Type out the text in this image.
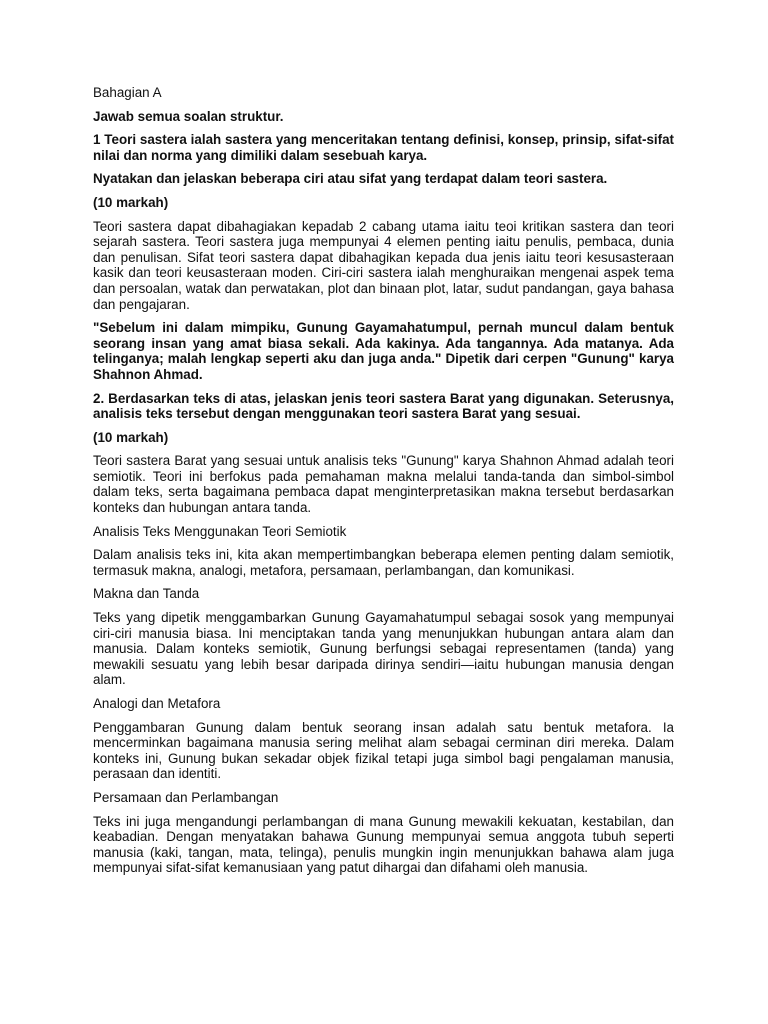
Bahagian A

Jawab semua soalan struktur.

1 Teori sastera ialah sastera yang menceritakan tentang definisi, konsep, prinsip, sifat-sifat nilai dan norma yang dimiliki dalam sesebuah karya.

Nyatakan dan jelaskan beberapa ciri atau sifat yang terdapat dalam teori sastera.

(10 markah)

Teori sastera dapat dibahagiakan kepadab 2 cabang utama iaitu teoi kritikan sastera dan teori sejarah sastera. Teori sastera juga mempunyai 4 elemen penting iaitu penulis, pembaca, dunia dan penulisan. Sifat teori sastera dapat dibahagikan kepada dua jenis iaitu teori kesusasteraan kasik dan teori keusasteraan moden. Ciri-ciri sastera ialah menghuraikan mengenai aspek tema dan persoalan, watak dan perwatakan, plot dan binaan plot, latar, sudut pandangan, gaya bahasa dan pengajaran.

"Sebelum ini dalam mimpiku, Gunung Gayamahatumpul, pernah muncul dalam bentuk seorang insan yang amat biasa sekali. Ada kakinya. Ada tangannya. Ada matanya. Ada telinganya; malah lengkap seperti aku dan juga anda." Dipetik dari cerpen "Gunung" karya Shahnon Ahmad.

2. Berdasarkan teks di atas, jelaskan jenis teori sastera Barat yang digunakan. Seterusnya, analisis teks tersebut dengan menggunakan teori sastera Barat yang sesuai.

(10 markah)

Teori sastera Barat yang sesuai untuk analisis teks "Gunung" karya Shahnon Ahmad adalah teori semiotik. Teori ini berfokus pada pemahaman makna melalui tanda-tanda dan simbol-simbol dalam teks, serta bagaimana pembaca dapat menginterpretasikan makna tersebut berdasarkan konteks dan hubungan antara tanda.

Analisis Teks Menggunakan Teori Semiotik

Dalam analisis teks ini, kita akan mempertimbangkan beberapa elemen penting dalam semiotik, termasuk makna, analogi, metafora, persamaan, perlambangan, dan komunikasi.

Makna dan Tanda

Teks yang dipetik menggambarkan Gunung Gayamahatumpul sebagai sosok yang mempunyai ciri-ciri manusia biasa. Ini menciptakan tanda yang menunjukkan hubungan antara alam dan manusia. Dalam konteks semiotik, Gunung berfungsi sebagai representamen (tanda) yang mewakili sesuatu yang lebih besar daripada dirinya sendiri—iaitu hubungan manusia dengan alam.

Analogi dan Metafora

Penggambaran Gunung dalam bentuk seorang insan adalah satu bentuk metafora. Ia mencerminkan bagaimana manusia sering melihat alam sebagai cerminan diri mereka. Dalam konteks ini, Gunung bukan sekadar objek fizikal tetapi juga simbol bagi pengalaman manusia, perasaan dan identiti.

Persamaan dan Perlambangan

Teks ini juga mengandungi perlambangan di mana Gunung mewakili kekuatan, kestabilan, dan keabadian. Dengan menyatakan bahawa Gunung mempunyai semua anggota tubuh seperti manusia (kaki, tangan, mata, telinga), penulis mungkin ingin menunjukkan bahawa alam juga mempunyai sifat-sifat kemanusiaan yang patut dihargai dan difahami oleh manusia.
